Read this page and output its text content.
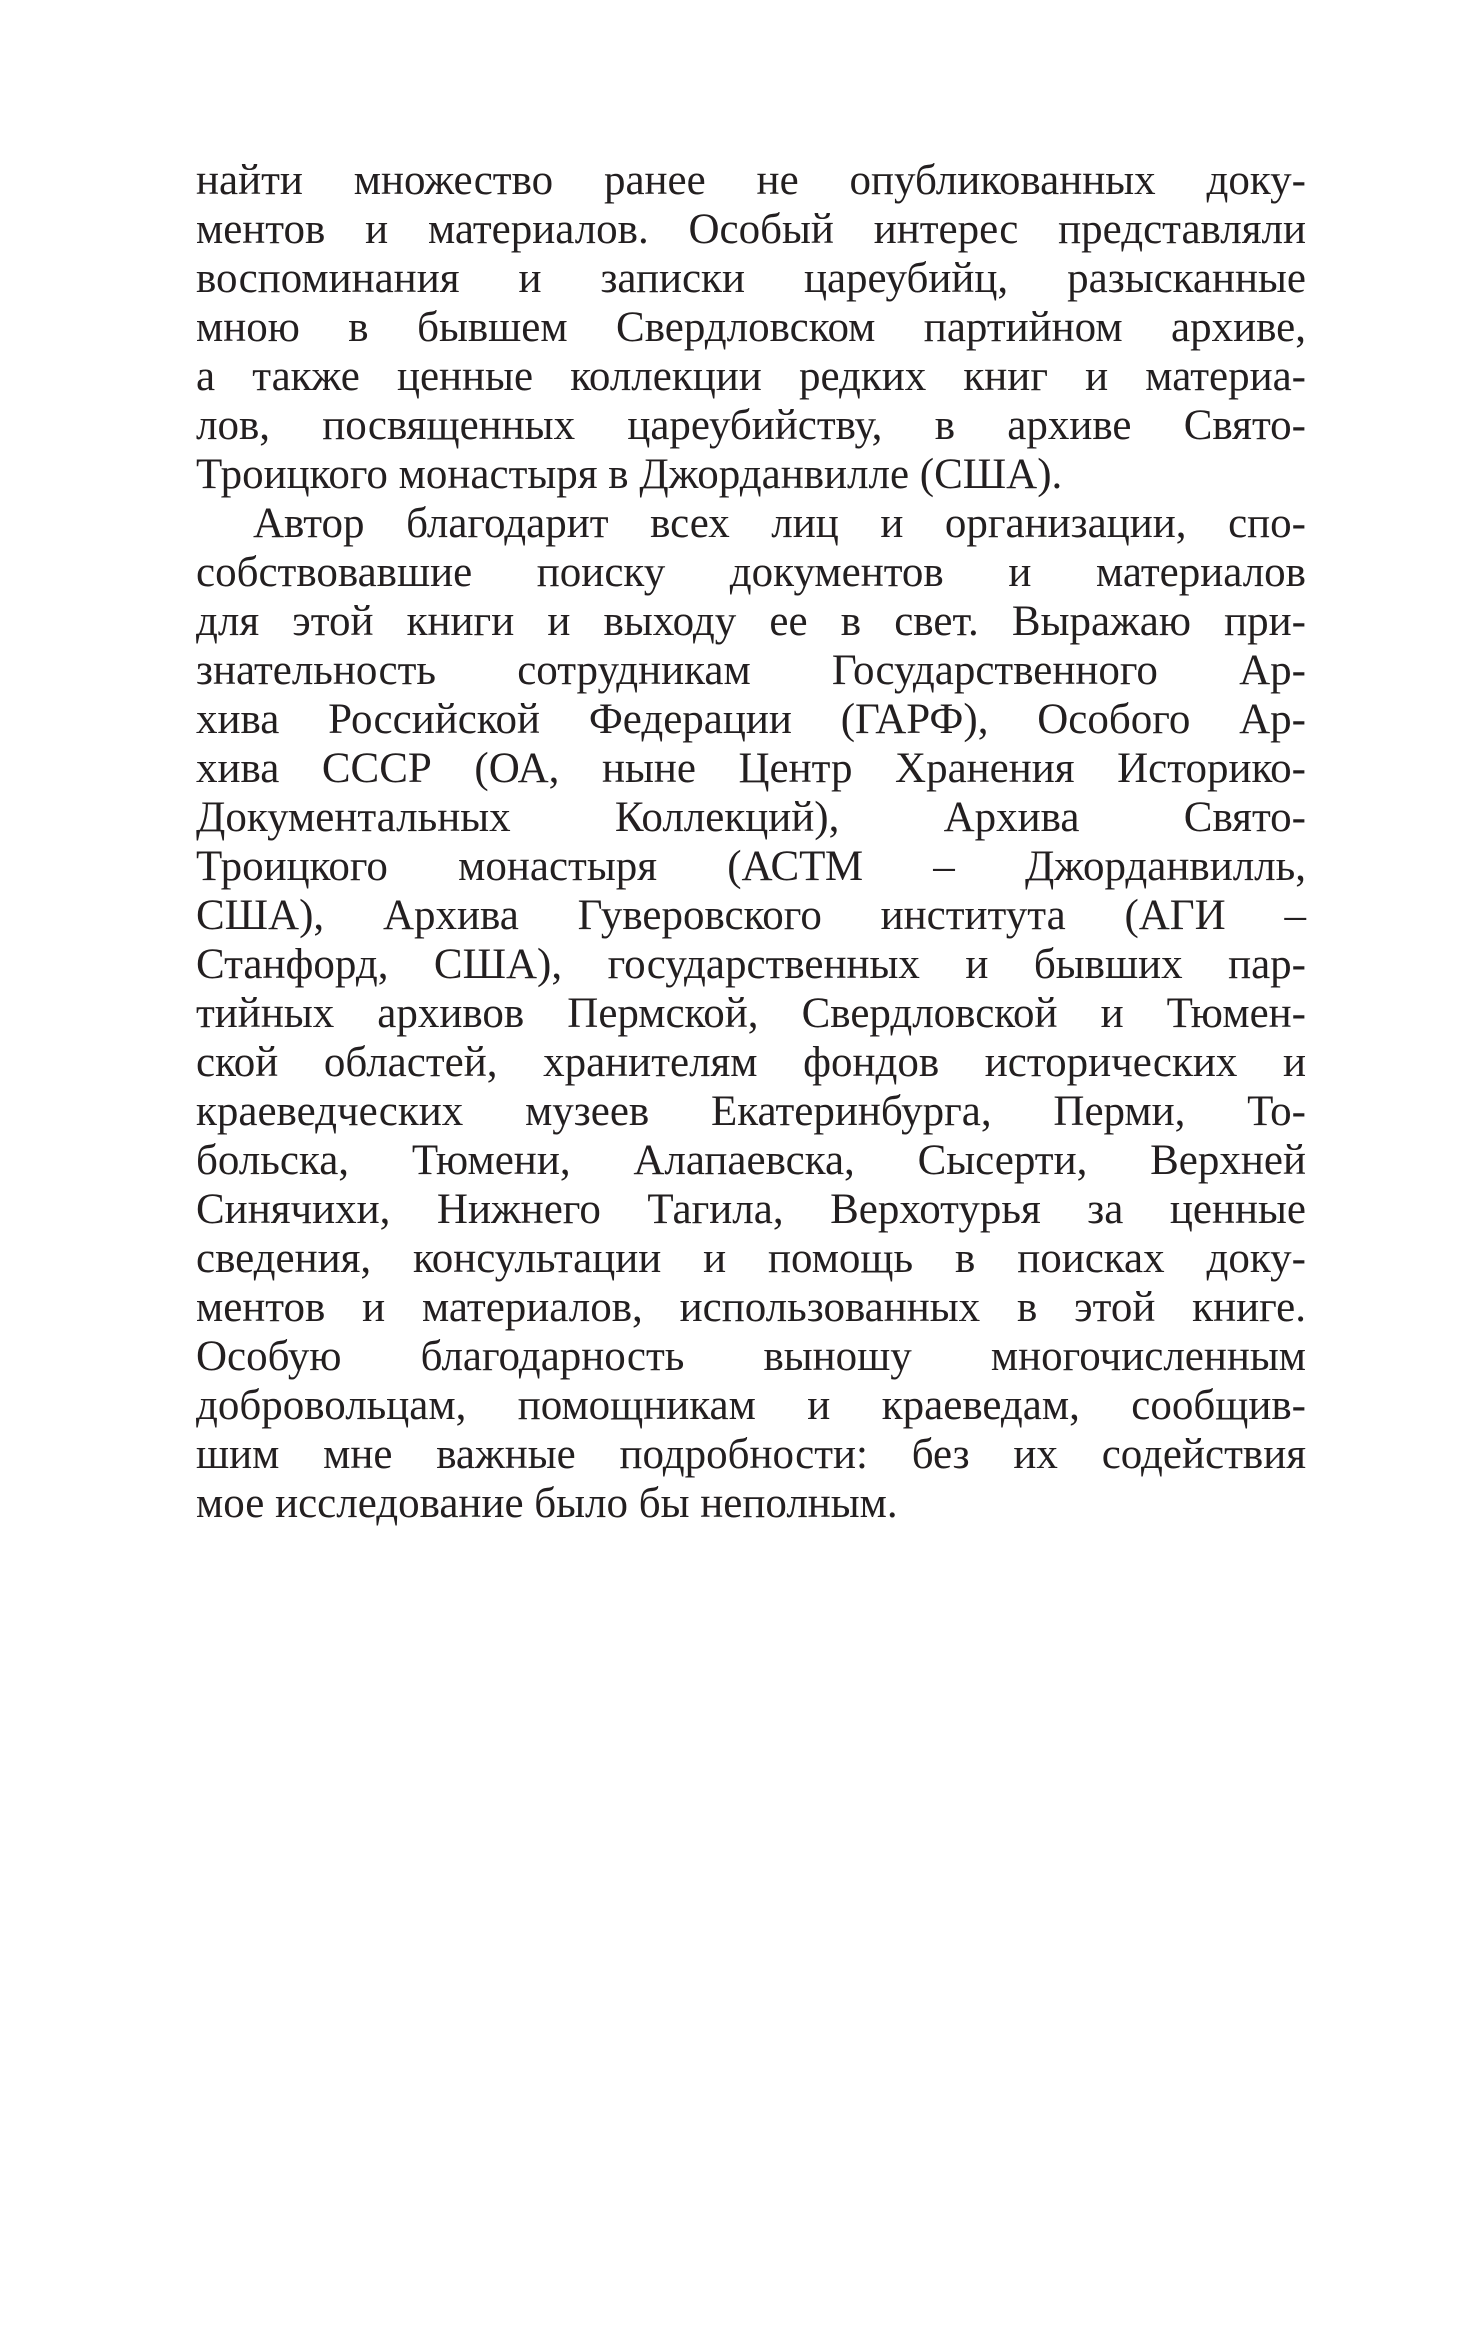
найти множество ранее не опубликованных доку-
ментов и материалов. Особый интерес представляли
воспоминания и записки цареубийц, разысканные
мною в бывшем Свердловском партийном архиве,
а также ценные коллекции редких книг и материа-
лов, посвященных цареубийству, в архиве Свято-
Троицкого монастыря в Джорданвилле (США).
Автор благодарит всех лиц и организации, спо-
собствовавшие поиску документов и материалов
для этой книги и выходу ее в свет. Выражаю при-
знательность сотрудникам Государственного Ар-
хива Российской Федерации (ГАРФ), Особого Ар-
хива СССР (ОА, ныне Центр Хранения Историко-
Документальных Коллекций), Архива Свято-
Троицкого монастыря (АСТМ – Джорданвилль,
США), Архива Гуверовского института (АГИ –
Станфорд, США), государственных и бывших пар-
тийных архивов Пермской, Свердловской и Тюмен-
ской областей, хранителям фондов исторических и
краеведческих музеев Екатеринбурга, Перми, То-
больска, Тюмени, Алапаевска, Сысерти, Верхней
Синячихи, Нижнего Тагила, Верхотурья за ценные
сведения, консультации и помощь в поисках доку-
ментов и материалов, использованных в этой книге.
Особую благодарность выношу многочисленным
добровольцам, помощникам и краеведам, сообщив-
шим мне важные подробности: без их содействия
мое исследование было бы неполным.
